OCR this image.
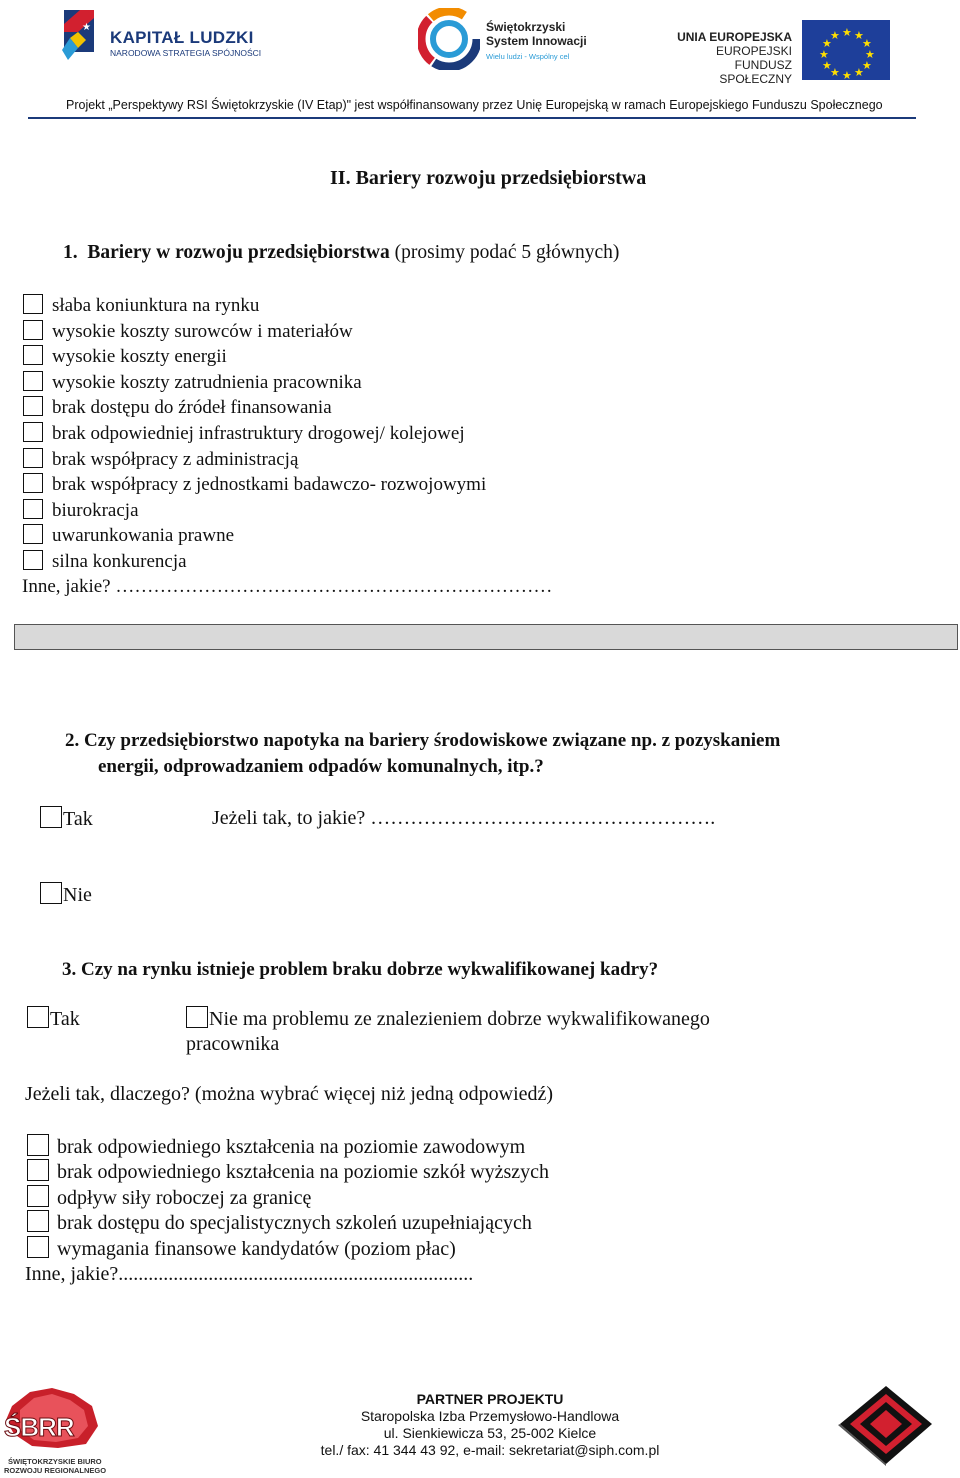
★
KAPITAŁ LUDZKI
NARODOWA STRATEGIA SPÓJNOŚCI
Świętokrzyski
System Innowacji
Wielu ludzi - Wspólny cel
UNIA EUROPEJSKA
EUROPEJSKI
FUNDUSZ SPOŁECZNY
★ ★
★
★
★
★
★
★
★
★
★
★
Projekt „Perspektywy RSI Świętokrzyskie (IV Etap)" jest współfinansowany przez Unię Europejską w ramach Europejskiego Funduszu Społecznego
II. Bariery rozwoju przedsiębiorstwa
1. Bariery w rozwoju przedsiębiorstwa (prosimy podać 5 głównych)
słaba koniunktura na rynku
wysokie koszty surowców i materiałów
wysokie koszty energii
wysokie koszty zatrudnienia pracownika
brak dostępu do źródeł finansowania
brak odpowiedniej infrastruktury drogowej/ kolejowej
brak współpracy z administracją
brak współpracy z jednostkami badawczo- rozwojowymi
biurokracja
uwarunkowania prawne
silna konkurencja
Inne, jakie? ……………………………………………………………
2. Czy przedsiębiorstwo napotyka na bariery środowiskowe związane np. z pozyskaniem
energii, odprowadzaniem odpadów komunalnych, itp.?
Tak	Jeżeli tak, to jakie? …………………………………………….
Nie
3. Czy na rynku istnieje problem braku dobrze wykwalifikowanej kadry?
Tak	Nie ma problemu ze znalezieniem dobrze wykwalifikowanego
pracownika
Jeżeli tak, dlaczego? (można wybrać więcej niż jedną odpowiedź)
brak odpowiedniego kształcenia na poziomie zawodowym
brak odpowiedniego kształcenia na poziomie szkół wyższych
odpływ siły roboczej za granicę
brak dostępu do specjalistycznych szkoleń uzupełniających
wymagania finansowe kandydatów (poziom płac)
Inne, jakie?.......................................................................
ŚBRR
ŚWIĘTOKRZYSKIE BIURO
ROZWOJU REGIONALNEGO
PARTNER PROJEKTU
Staropolska Izba Przemysłowo-Handlowa
ul. Sienkiewicza 53, 25-002 Kielce
tel./ fax: 41 344 43 92, e-mail: sekretariat@siph.com.pl
